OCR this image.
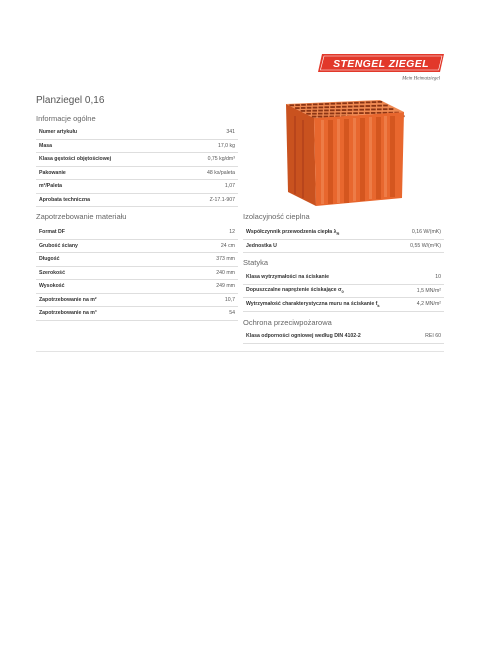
STENGEL ZIEGEL
Mein Heimatziegel
Planziegel 0,16
Informacje ogólne
Numer artykułu	341
Masa	17,0 kg
Klasa gęstości objętościowej	0,75 kg/dm³
Pakowanie	48 ks/paleta
m²/Paleta	1,07
Aprobata techniczna	Z-17.1-907
Zapotrzebowanie materiału
Format DF	12
Grubość ściany	24 cm
Długość	373 mm
Szerokość	240 mm
Wysokość	249 mm
Zapotrzebowanie na m²	10,7
Zapotrzebowanie na m³	54
Izolacyjność cieplna
Współczynnik przewodzenia ciepła $\lambda_R$	0,16 W/(mK)
Jednostka U	0,55 W/(m²K)
Statyka
Klasa wytrzymałości na ściskanie	10
Dopuszczalne naprężenie ściskające $\sigma_0$	1,5 MN/m²
Wytrzymałość charakterystyczna muru na ściskanie $f_k$	4,2 MN/m²
Ochrona przeciwpożarowa
Klasa odporności ogniowej według DIN 4102-2	REI 60
